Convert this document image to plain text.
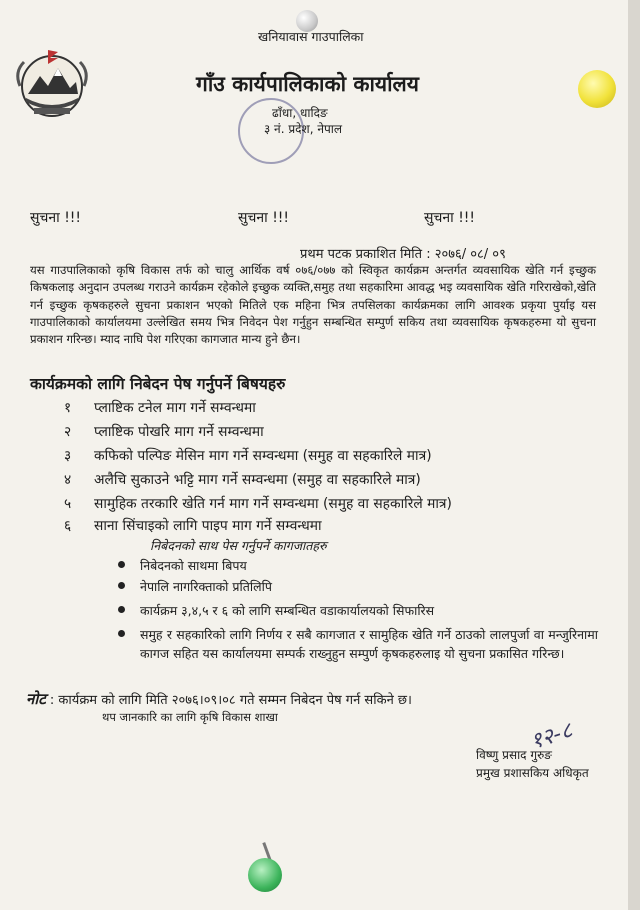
खनियावास गाउपालिका
गाँउ कार्यपालिकाको कार्यालय
ढाँधा, धादिङ
३ नं. प्रदेश, नेपाल
सुचना !!!	सुचना !!!	सुचना !!!
प्रथम पटक प्रकाशित मिति : २०७६/ ०८/ ०९
यस गाउपालिकाको कृषि विकास तर्फ को चालु आर्थिक वर्ष ०७६/०७७ को स्विकृत कार्यक्रम अन्तर्गत व्यवसायिक खेति गर्न इच्छुक किषकलाइ अनुदान उपलब्ध गराउने कार्यक्रम रहेकोले इच्छुक व्यक्ति,समुह तथा सहकारिमा आवद्ध भइ व्यवसायिक खेति गरिराखेको,खेति गर्न इच्छुक कृषकहरुले सुचना प्रकाशन भएको मितिले एक महिना भित्र तपसिलका कार्यक्रमका लागि आवश्क प्रकृया पुर्याइ यस गाउपालिकाको कार्यालयमा उल्लेखित समय भित्र निवेदन पेश गर्नुहुन सम्बन्धित सम्पुर्ण सकिय तथा व्यवसायिक कृषकहरुमा यो सुचना प्रकाशन गरिन्छ। म्याद नाघि पेश गरिएका कागजात मान्य हुने छैन।
कार्यक्रमको लागि निबेदन पेष गर्नुपर्ने बिषयहरु
१ प्लाष्टिक टनेल माग गर्ने सम्वन्धमा
२ प्लाष्टिक पोखरि माग गर्ने सम्वन्धमा
३ कफिको पल्पिङ मेसिन माग गर्ने सम्वन्धमा (समुह वा सहकारिले मात्र)
४ अलैचि सुकाउने भट्टि माग गर्ने सम्वन्धमा (समुह वा सहकारिले मात्र)
५ सामुहिक तरकारि खेति गर्न माग गर्ने सम्वन्धमा (समुह वा सहकारिले मात्र)
६ साना सिंचाइको लागि पाइप माग गर्ने सम्वन्धमा
निबेदनको साथ पेस गर्नुपर्ने कागजातहरु
निबेदनको साथमा बिपय
नेपालि नागरिक्ताको प्रतिलिपि
कार्यक्रम ३,४,५ र ६ को लागि सम्बन्धित वडाकार्यालयको सिफारिस
समुह र सहकारिको लागि निर्णय र सबै कागजात र सामुहिक खेति गर्ने ठाउको लालपुर्जा वा मन्जुरिनामा कागज सहित यस कार्यालयमा सम्पर्क राख्नुहुन सम्पुर्ण कृषकहरुलाइ यो सुचना प्रकासित गरिन्छ।
नोट : कार्यक्रम को लागि मिति २०७६।०९।०८ गते सम्मन निबेदन पेष गर्न सकिने छ।
थप जानकारि का लागि कृषि विकास शाखा
१२-८
विष्णु प्रसाद गुरुङ
प्रमुख प्रशासकिय अधिकृत
